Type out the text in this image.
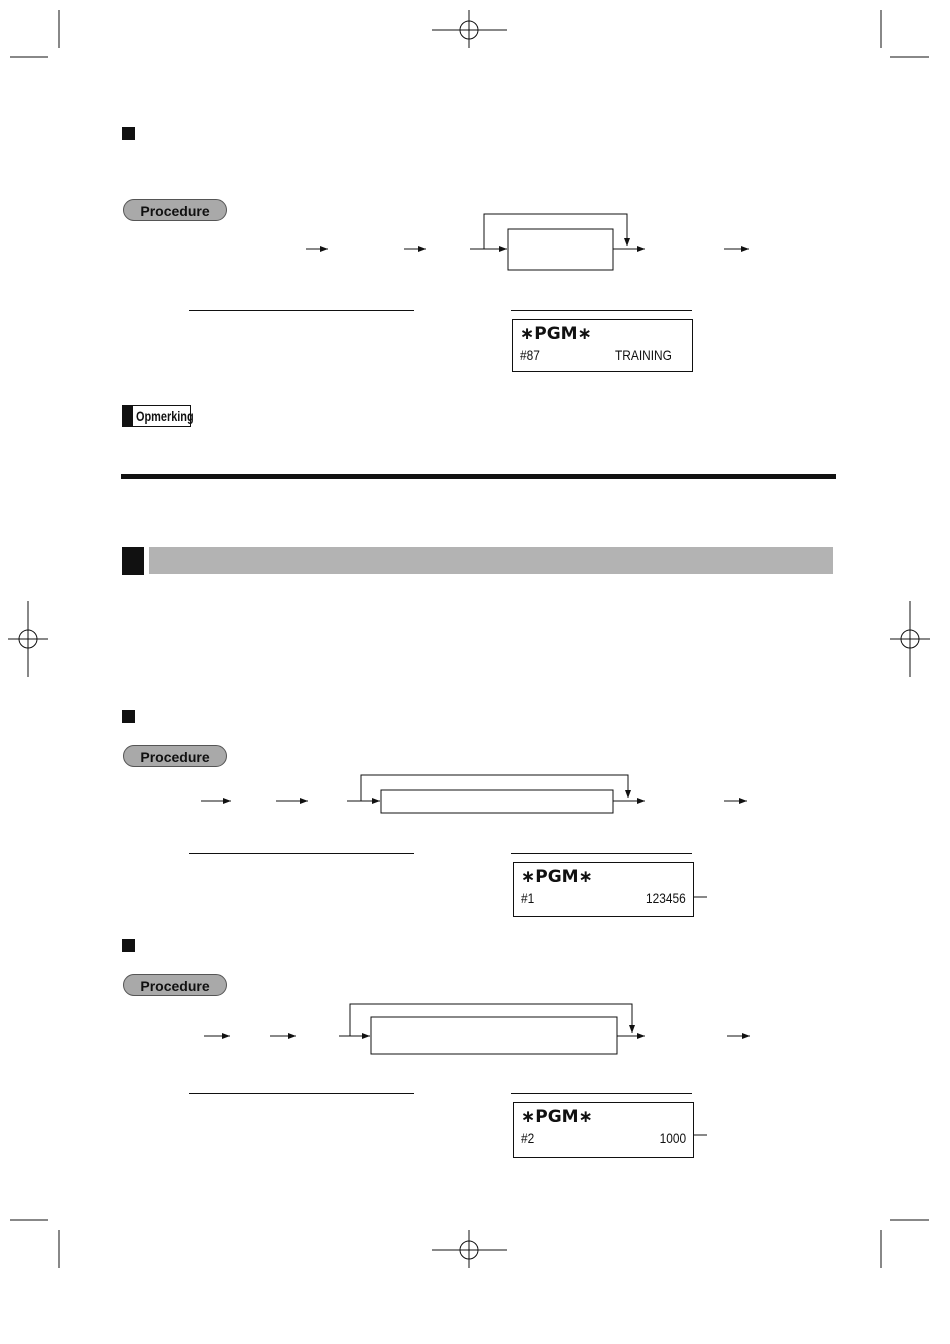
Procedure
∗PGM∗
#87	TRAINING
Opmerking
Procedure
∗PGM∗
#1	123456
Procedure
∗PGM∗
#2	1000
